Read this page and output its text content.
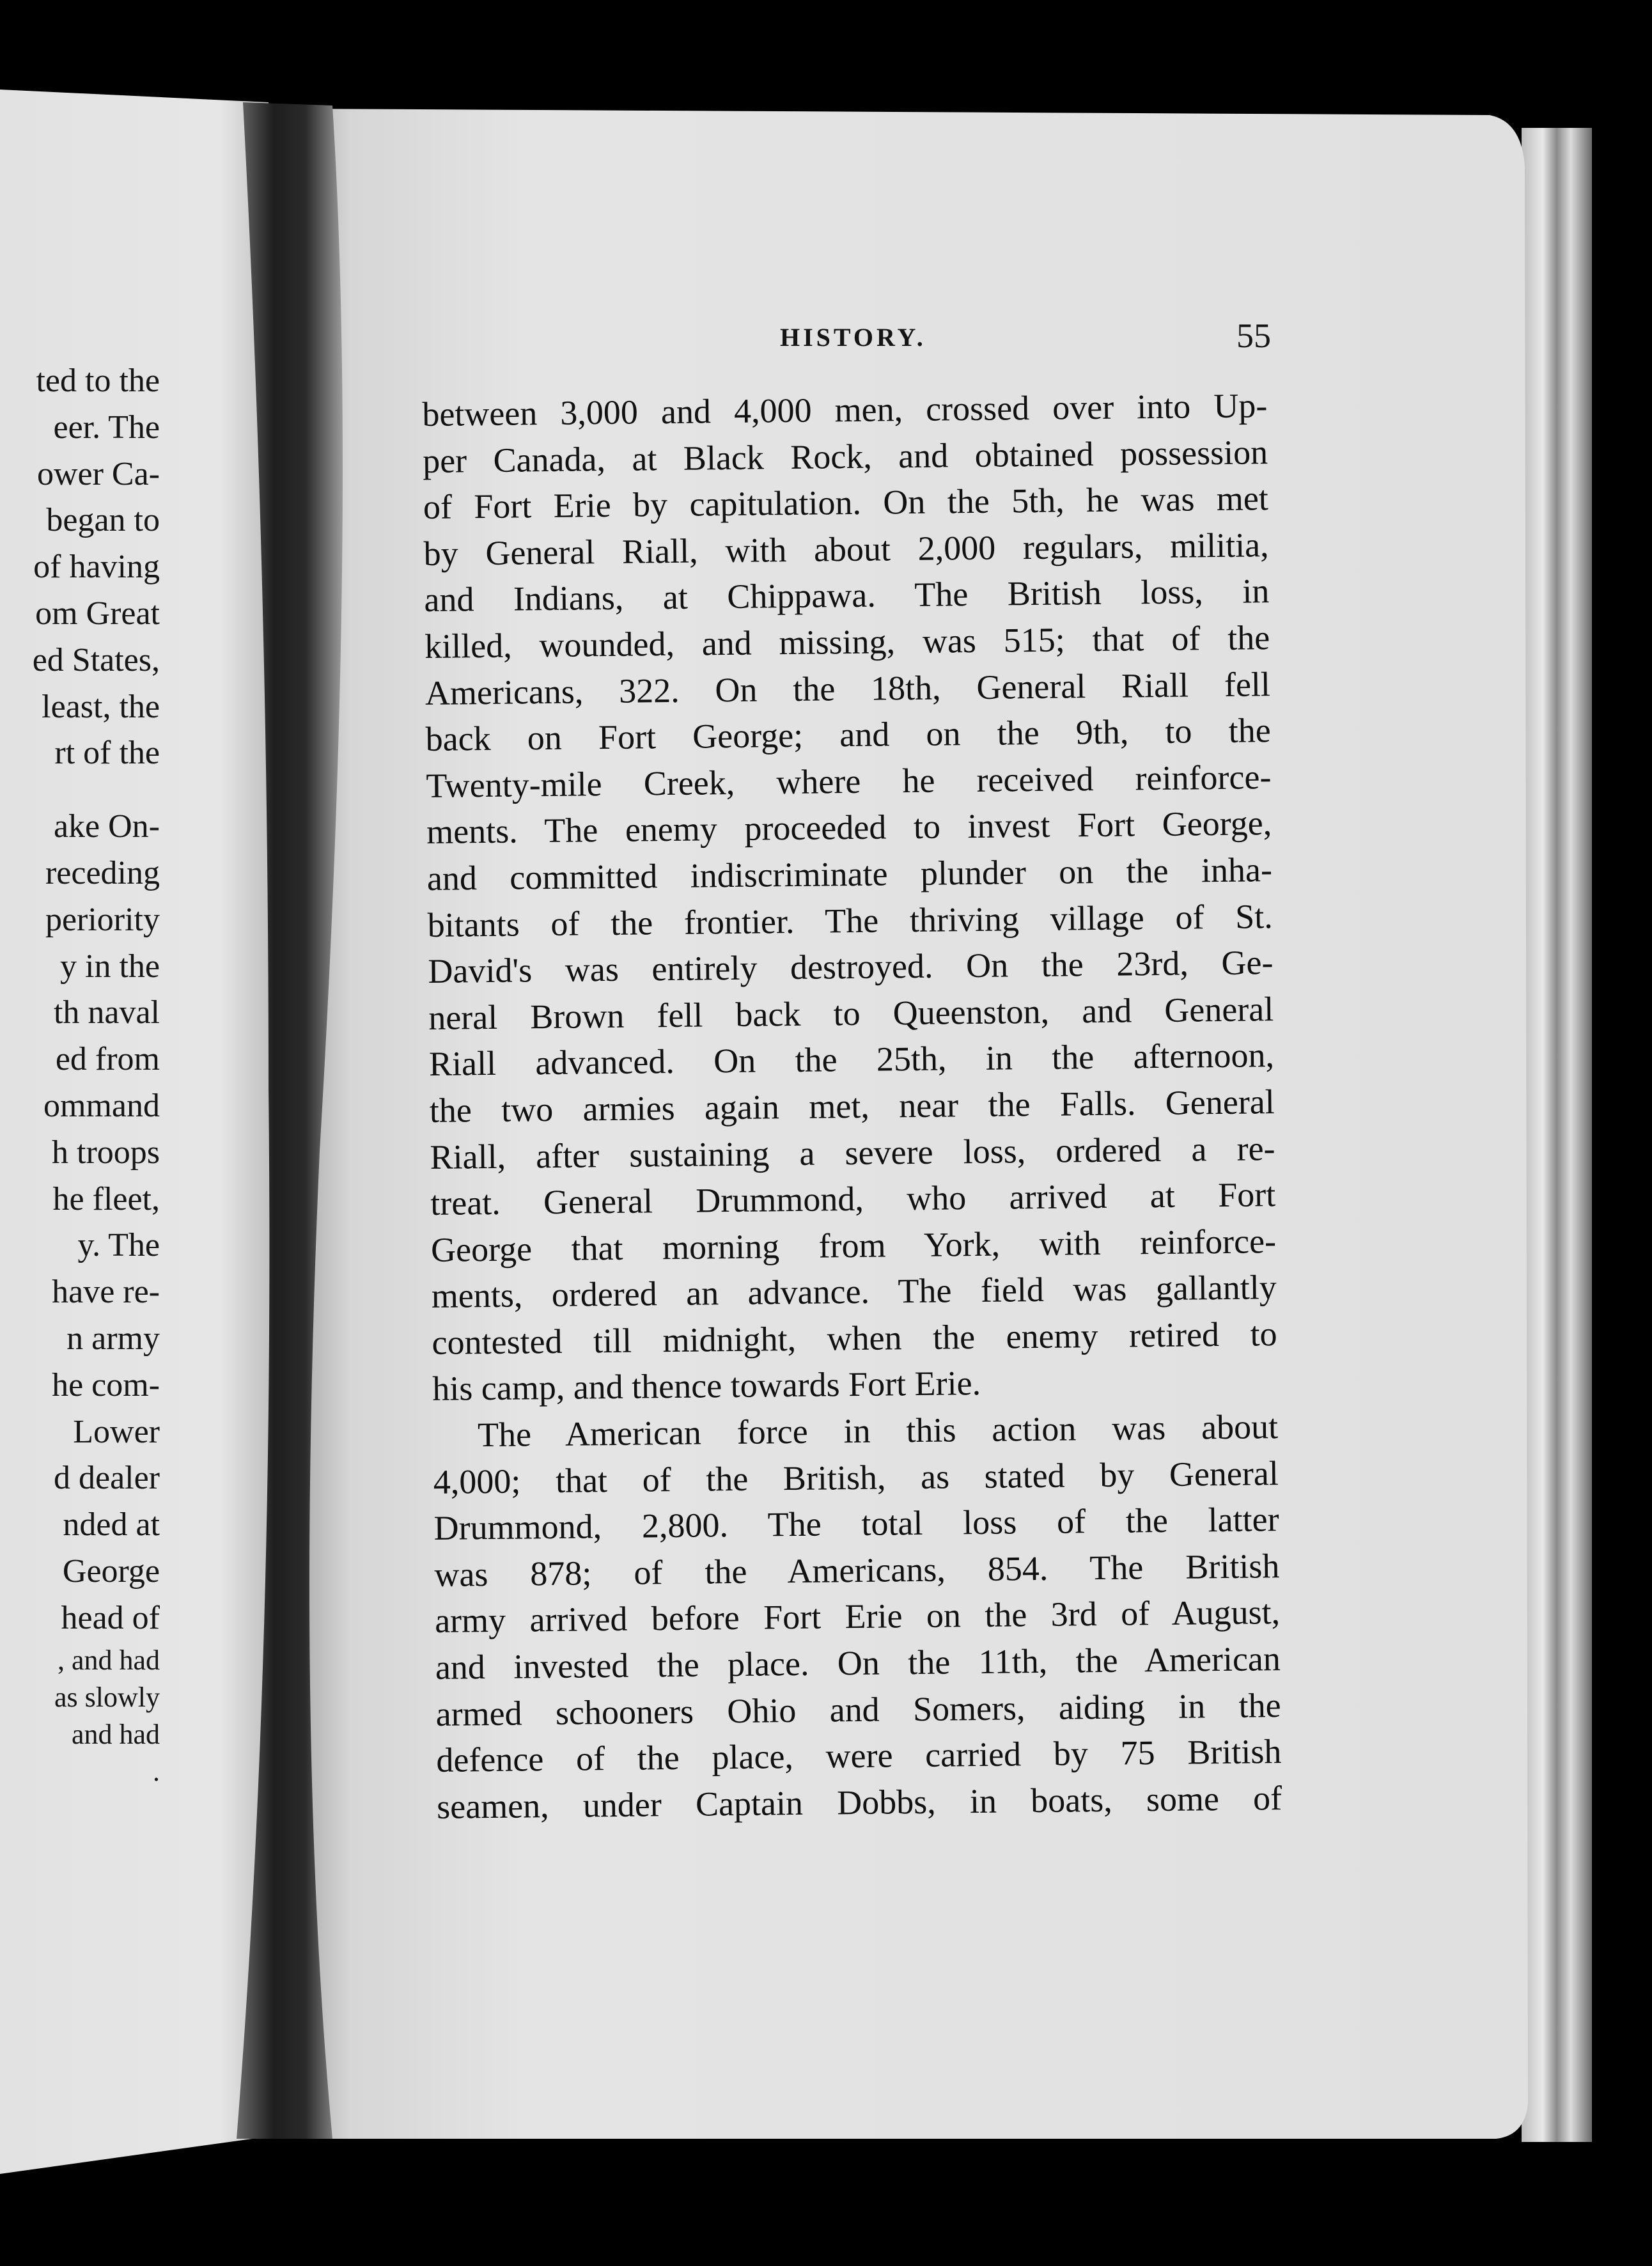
ted to the
eer. The
ower Ca-
began to
of having
om Great
ed States,
least, the
rt of the
ake On-
receding
periority
y in the
th naval
ed from
ommand
h troops
he fleet,
y. The
have re-
n army
he com-
Lower
d dealer
nded at
George
head of
, and had
as slowly
and had
.
HISTORY.	55
between 3,000 and 4,000 men, crossed over into Up-
per Canada, at Black Rock, and obtained possession
of Fort Erie by capitulation. On the 5th, he was met
by General Riall, with about 2,000 regulars, militia,
and Indians, at Chippawa. The British loss, in
killed, wounded, and missing, was 515; that of the
Americans, 322. On the 18th, General Riall fell
back on Fort George; and on the 9th, to the
Twenty-mile Creek, where he received reinforce-
ments. The enemy proceeded to invest Fort George,
and committed indiscriminate plunder on the inha-
bitants of the frontier. The thriving village of St.
David's was entirely destroyed. On the 23rd, Ge-
neral Brown fell back to Queenston, and General
Riall advanced. On the 25th, in the afternoon,
the two armies again met, near the Falls. General
Riall, after sustaining a severe loss, ordered a re-
treat. General Drummond, who arrived at Fort
George that morning from York, with reinforce-
ments, ordered an advance. The field was gallantly
contested till midnight, when the enemy retired to
his camp, and thence towards Fort Erie.
The American force in this action was about
4,000; that of the British, as stated by General
Drummond, 2,800. The total loss of the latter
was 878; of the Americans, 854. The British
army arrived before Fort Erie on the 3rd of August,
and invested the place. On the 11th, the American
armed schooners Ohio and Somers, aiding in the
defence of the place, were carried by 75 British
seamen, under Captain Dobbs, in boats, some of
